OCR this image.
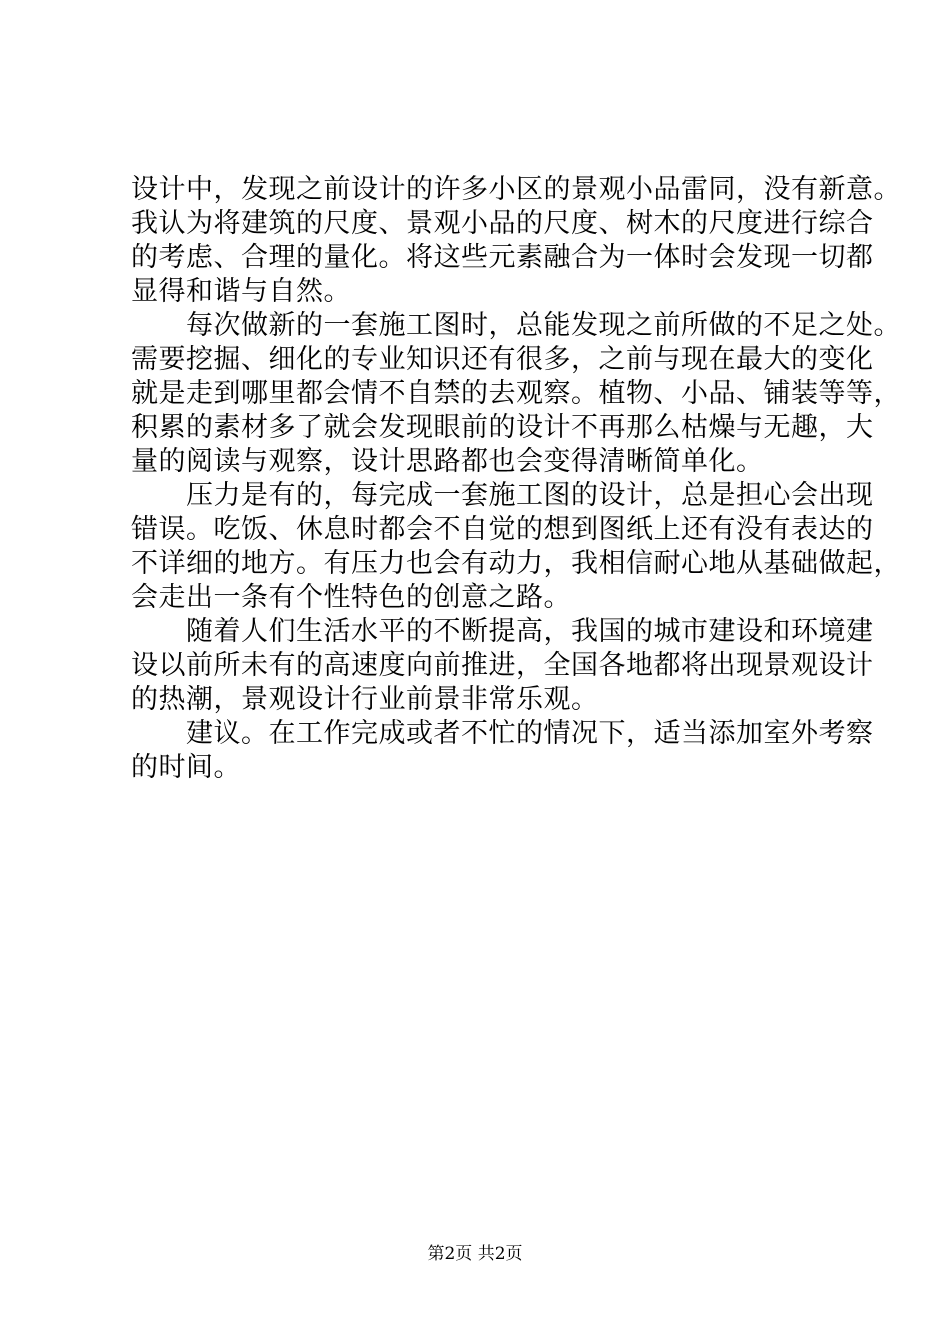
设计中，发现之前设计的许多小区的景观小品雷同，没有新意。
我认为将建筑的尺度、景观小品的尺度、树木的尺度进行综合
的考虑、合理的量化。将这些元素融合为一体时会发现一切都
显得和谐与自然。
　　每次做新的一套施工图时，总能发现之前所做的不足之处。
需要挖掘、细化的专业知识还有很多，之前与现在最大的变化
就是走到哪里都会情不自禁的去观察。植物、小品、铺装等等，
积累的素材多了就会发现眼前的设计不再那么枯燥与无趣，大
量的阅读与观察，设计思路都也会变得清晰简单化。
　　压力是有的，每完成一套施工图的设计，总是担心会出现
错误。吃饭、休息时都会不自觉的想到图纸上还有没有表达的
不详细的地方。有压力也会有动力，我相信耐心地从基础做起，
会走出一条有个性特色的创意之路。
　　随着人们生活水平的不断提高，我国的城市建设和环境建
设以前所未有的高速度向前推进，全国各地都将出现景观设计
的热潮，景观设计行业前景非常乐观。
　　建议。在工作完成或者不忙的情况下，适当添加室外考察
的时间。
第2页 共2页
